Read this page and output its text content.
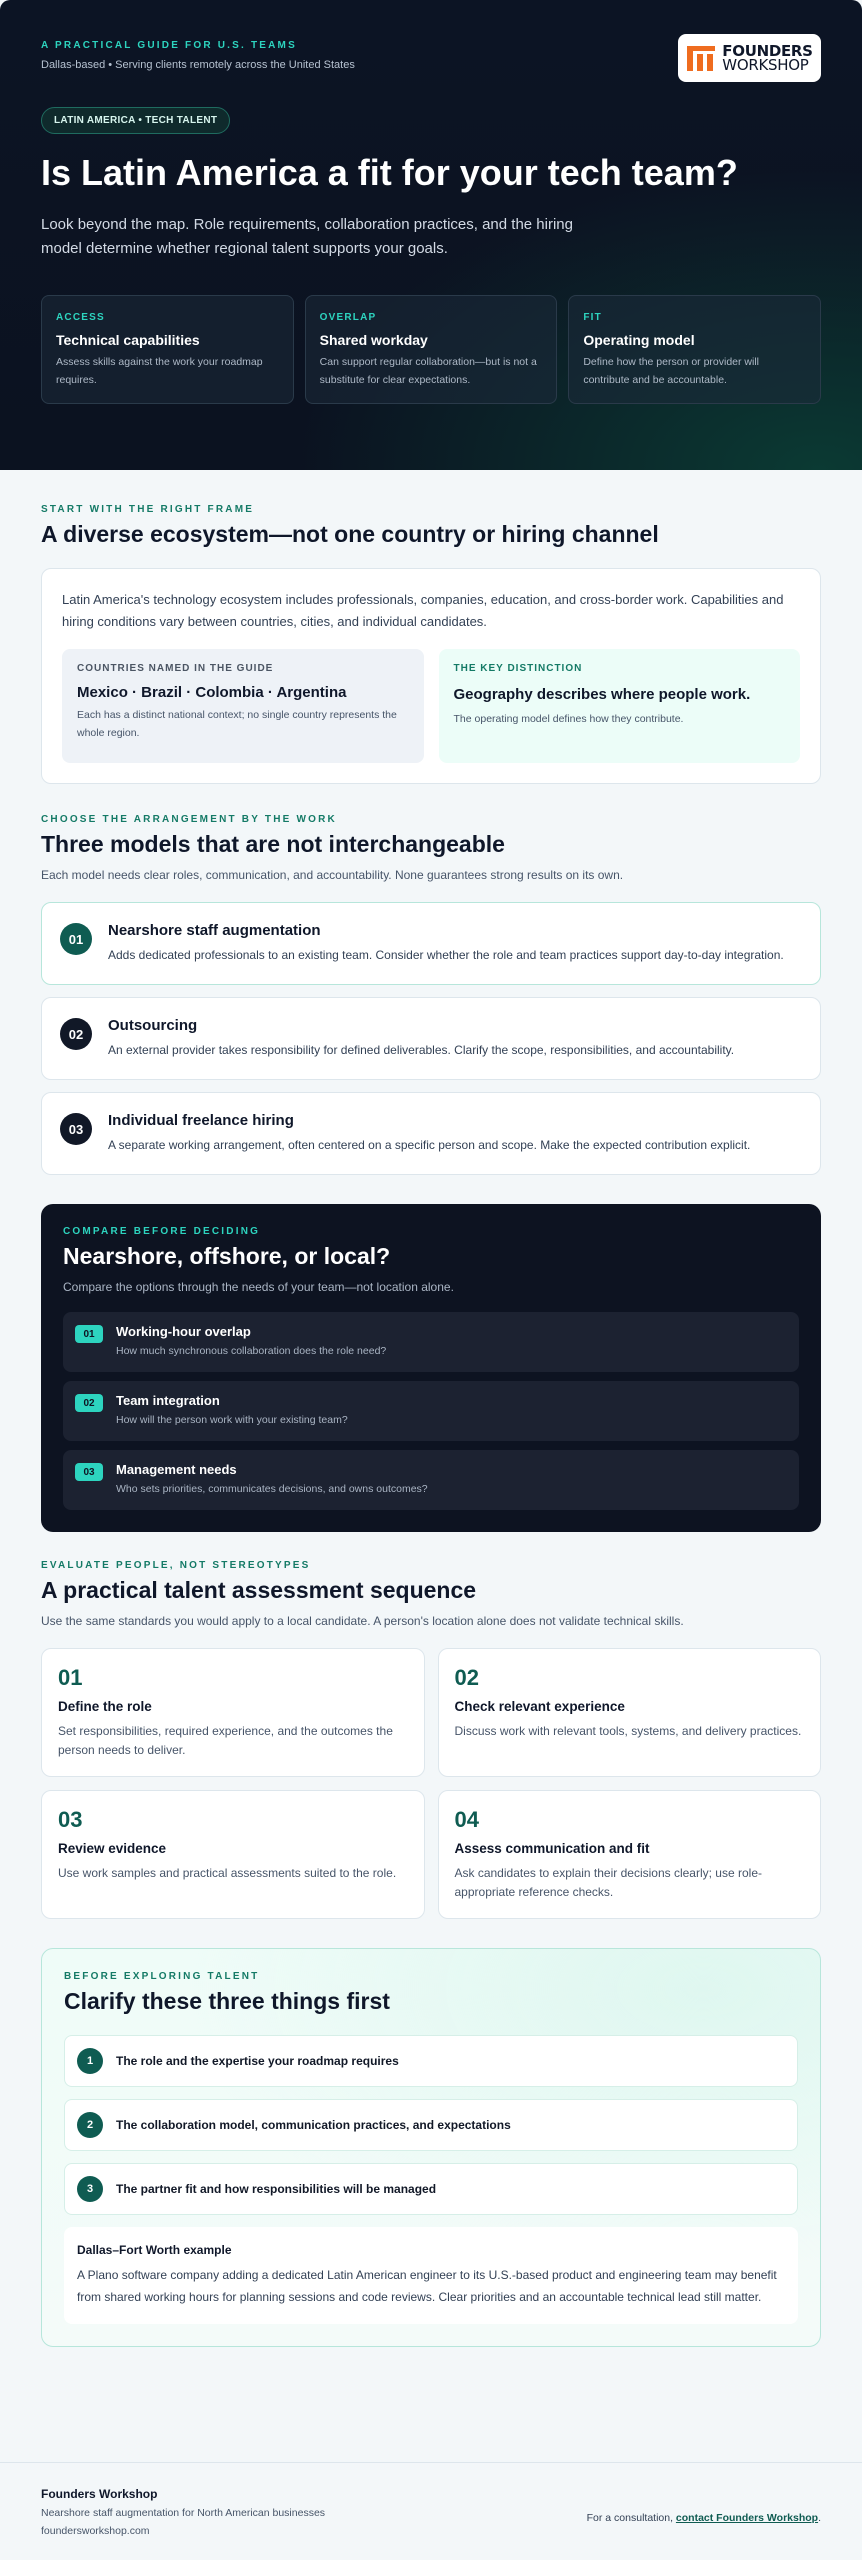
A PRACTICAL GUIDE FOR U.S. TEAMS
Dallas-based • Serving clients remotely across the United States
FOUNDERS
WORKSHOP
LATIN AMERICA • TECH TALENT
Is Latin America a fit for your tech team?

Look beyond the map. Role requirements, collaboration practices, and the hiring model determine whether regional talent supports your goals.

ACCESS
Technical capabilities
Assess skills against the work your roadmap requires.
OVERLAP
Shared workday
Can support regular collaboration—but is not a substitute for clear expectations.
FIT
Operating model
Define how the person or provider will contribute and be accountable.
START WITH THE RIGHT FRAME
A diverse ecosystem—not one country or hiring channel

Latin America's technology ecosystem includes professionals, companies, education, and cross-border work. Capabilities and hiring conditions vary between countries, cities, and individual candidates.

COUNTRIES NAMED IN THE GUIDE
Mexico · Brazil · Colombia · Argentina
Each has a distinct national context; no single country represents the whole region.
THE KEY DISTINCTION
Geography describes where people work.
The operating model defines how they contribute.
CHOOSE THE ARRANGEMENT BY THE WORK
Three models that are not interchangeable

Each model needs clear roles, communication, and accountability. None guarantees strong results on its own.

01	Nearshore staff augmentation
Adds dedicated professionals to an existing team. Consider whether the role and team practices support day-to-day integration.
02	Outsourcing
An external provider takes responsibility for defined deliverables. Clarify the scope, responsibilities, and accountability.
03	Individual freelance hiring
A separate working arrangement, often centered on a specific person and scope. Make the expected contribution explicit.
COMPARE BEFORE DECIDING
Nearshore, offshore, or local?

Compare the options through the needs of your team—not location alone.

01	Working-hour overlap
How much synchronous collaboration does the role need?
02	Team integration
How will the person work with your existing team?
03	Management needs
Who sets priorities, communicates decisions, and owns outcomes?
EVALUATE PEOPLE, NOT STEREOTYPES
A practical talent assessment sequence

Use the same standards you would apply to a local candidate. A person's location alone does not validate technical skills.

01
Define the role
Set responsibilities, required experience, and the outcomes the person needs to deliver.
02
Check relevant experience
Discuss work with relevant tools, systems, and delivery practices.
03
Review evidence
Use work samples and practical assessments suited to the role.
04
Assess communication and fit
Ask candidates to explain their decisions clearly; use role-appropriate reference checks.
BEFORE EXPLORING TALENT
Clarify these three things first
1	The role and the expertise your roadmap requires
2	The collaboration model, communication practices, and expectations
3	The partner fit and how responsibilities will be managed
Dallas–Fort Worth example
A Plano software company adding a dedicated Latin American engineer to its U.S.-based product and engineering team may benefit from shared working hours for planning sessions and code reviews. Clear priorities and an accountable technical lead still matter.
Founders Workshop
Nearshore staff augmentation for North American businesses
foundersworkshop.com
For a consultation, contact Founders Workshop.
